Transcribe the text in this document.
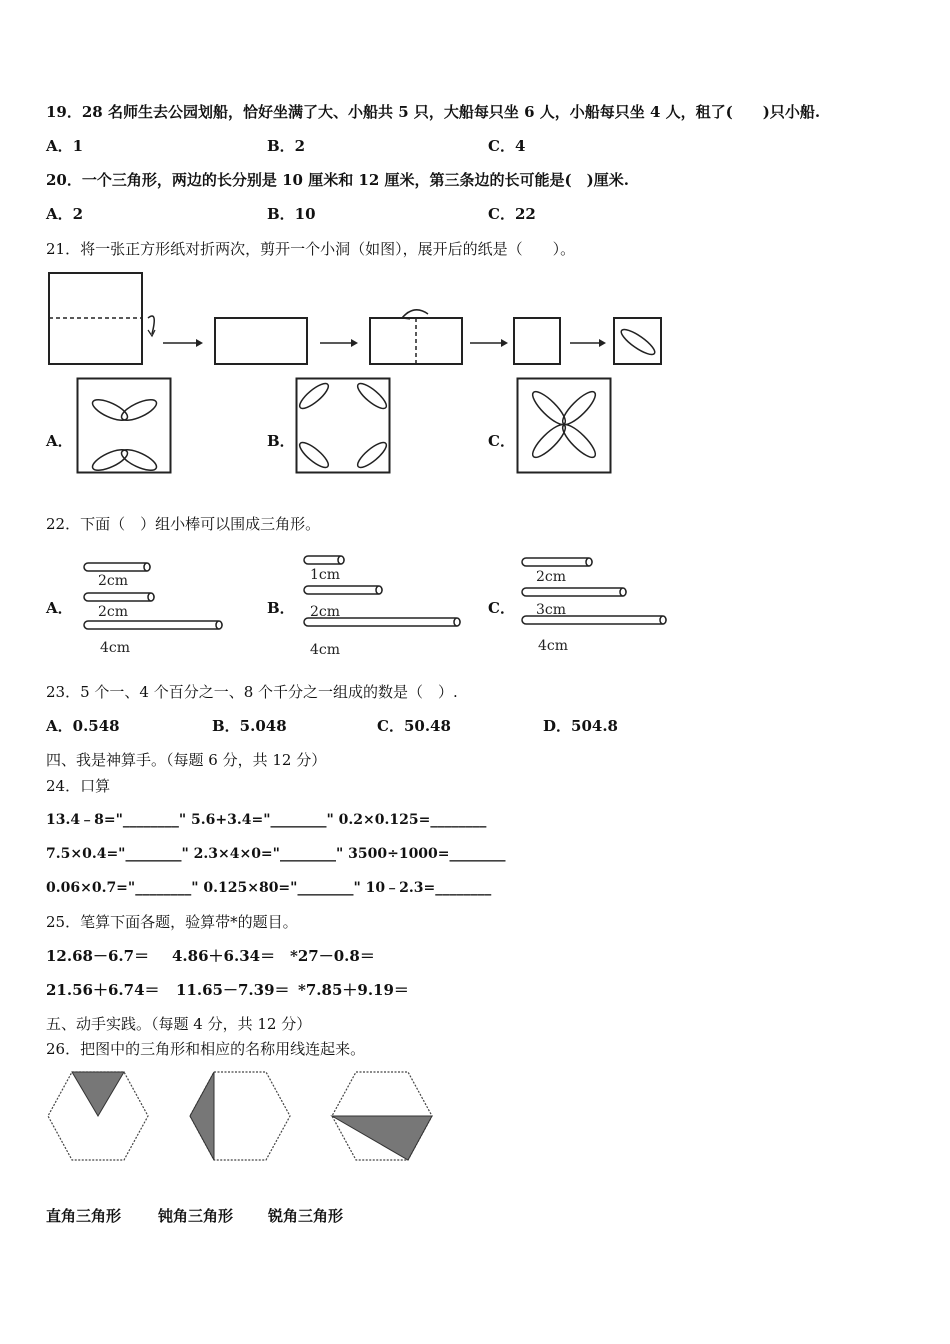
19．28 名师生去公园划船，恰好坐满了大、小船共 5 只，大船每只坐 6 人，小船每只坐 4 人，租了(　　)只小船.
A．1	B．2	C．4
20．一个三角形，两边的长分别是 10 厘米和 12 厘米，第三条边的长可能是(　)厘米.
A．2	B．10	C．22
21．将一张正方形纸对折两次，剪开一个小洞（如图），展开后的纸是（　　）。
A．	B．	C．
22．下面（　）组小棒可以围成三角形。
A．	B．	C．
2cm
2cm
4cm
1cm
2cm
4cm
2cm
3cm
4cm
23．5 个一、4 个百分之一、8 个千分之一组成的数是（　）.
A．0.548	B．5.048	C．50.48	D．504.8
四、我是神算手。（每题 6 分，共 12 分）
24．口算
13.4﹣8="________" 5.6+3.4="________" 0.2×0.125=________
7.5×0.4="________" 2.3×4×0="________" 3500÷1000=________
0.06×0.7="________" 0.125×80="________" 10﹣2.3=________
25．笔算下面各题，验算带*的题目。
12.68－6.7＝ 4.86＋6.34＝ *27－0.8＝
21.56＋6.74＝ 11.65－7.39＝ *7.85＋9.19＝
五、动手实践。（每题 4 分，共 12 分）
26．把图中的三角形和相应的名称用线连起来。
直角三角形 钝角三角形 锐角三角形
